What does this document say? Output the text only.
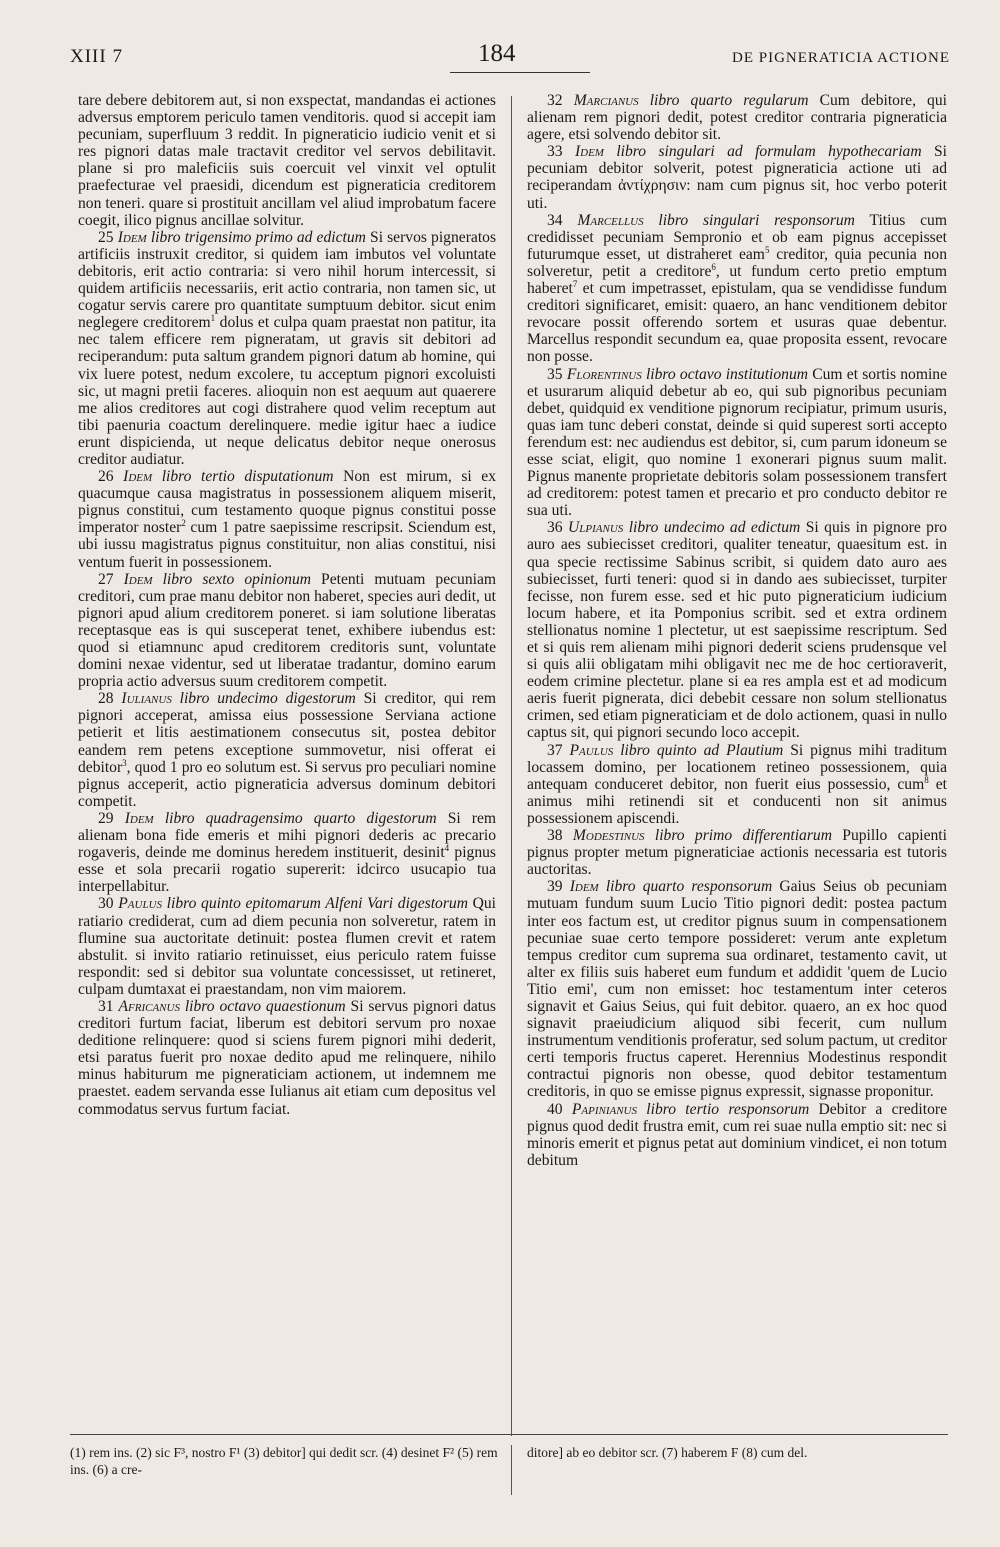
XIII 7	184	DE PIGNERATICIA ACTIONE

tare debere debitorem aut, si non exspectat, mandandas ei actiones adversus emptorem periculo tamen venditoris. quod si accepit iam pecuniam, superfluum 3 reddit. In pigneraticio iudicio venit et si res pignori datas male tractavit creditor vel servos debilitavit. plane si pro maleficiis suis coercuit vel vinxit vel optulit praefecturae vel praesidi, dicendum est pigneraticia creditorem non teneri. quare si prostituit ancillam vel aliud improbatum facere coegit, ilico pignus ancillae solvitur.

25 Idem libro trigensimo primo ad edictum Si servos pigneratos artificiis instruxit creditor, si quidem iam imbutos vel voluntate debitoris, erit actio contraria: si vero nihil horum intercessit, si quidem artificiis necessariis, erit actio contraria, non tamen sic, ut cogatur servis carere pro quantitate sumptuum debitor. sicut enim neglegere creditorem$^1$ dolus et culpa quam praestat non patitur, ita nec talem efficere rem pigneratam, ut gravis sit debitori ad reciperandum: puta saltum grandem pignori datum ab homine, qui vix luere potest, nedum excolere, tu acceptum pignori excoluisti sic, ut magni pretii faceres. alioquin non est aequum aut quaerere me alios creditores aut cogi distrahere quod velim receptum aut tibi paenuria coactum derelinquere. medie igitur haec a iudice erunt dispicienda, ut neque delicatus debitor neque onerosus creditor audiatur.

26 Idem libro tertio disputationum Non est mirum, si ex quacumque causa magistratus in possessionem aliquem miserit, pignus constitui, cum testamento quoque pignus constitui posse imperator noster$^2$ cum 1 patre saepissime rescripsit. Sciendum est, ubi iussu magistratus pignus constituitur, non alias constitui, nisi ventum fuerit in possessionem.

27 Idem libro sexto opinionum Petenti mutuam pecuniam creditori, cum prae manu debitor non haberet, species auri dedit, ut pignori apud alium creditorem poneret. si iam solutione liberatas receptasque eas is qui susceperat tenet, exhibere iubendus est: quod si etiamnunc apud creditorem creditoris sunt, voluntate domini nexae videntur, sed ut liberatae tradantur, domino earum propria actio adversus suum creditorem competit.

28 Iulianus libro undecimo digestorum Si creditor, qui rem pignori acceperat, amissa eius possessione Serviana actione petierit et litis aestimationem consecutus sit, postea debitor eandem rem petens exceptione summovetur, nisi offerat ei debitor$^3$, quod 1 pro eo solutum est. Si servus pro peculiari nomine pignus acceperit, actio pigneraticia adversus dominum debitori competit.

29 Idem libro quadragensimo quarto digestorum Si rem alienam bona fide emeris et mihi pignori dederis ac precario rogaveris, deinde me dominus heredem instituerit, desinit$^4$ pignus esse et sola precarii rogatio supererit: idcirco usucapio tua interpellabitur.

30 Paulus libro quinto epitomarum Alfeni Vari digestorum Qui ratiario crediderat, cum ad diem pecunia non solveretur, ratem in flumine sua auctoritate detinuit: postea flumen crevit et ratem abstulit. si invito ratiario retinuisset, eius periculo ratem fuisse respondit: sed si debitor sua voluntate concessisset, ut retineret, culpam dumtaxat ei praestandam, non vim maiorem.

31 Africanus libro octavo quaestionum Si servus pignori datus creditori furtum faciat, liberum est debitori servum pro noxae deditione relinquere: quod si sciens furem pignori mihi dederit, etsi paratus fuerit pro noxae dedito apud me relinquere, nihilo minus habiturum me pigneraticiam actionem, ut indemnem me praestet. eadem servanda esse Iulianus ait etiam cum depositus vel commodatus servus furtum faciat.

32 Marcianus libro quarto regularum Cum debitore, qui alienam rem pignori dedit, potest creditor contraria pigneraticia agere, etsi solvendo debitor sit.

33 Idem libro singulari ad formulam hypothecariam Si pecuniam debitor solverit, potest pigneraticia actione uti ad reciperandam ἀντίχρησιν: nam cum pignus sit, hoc verbo poterit uti.

34 Marcellus libro singulari responsorum Titius cum credidisset pecuniam Sempronio et ob eam pignus accepisset futurumque esset, ut distraheret eam$^5$ creditor, quia pecunia non solveretur, petit a creditore$^6$, ut fundum certo pretio emptum haberet$^7$ et cum impetrasset, epistulam, qua se vendidisse fundum creditori significaret, emisit: quaero, an hanc venditionem debitor revocare possit offerendo sortem et usuras quae debentur. Marcellus respondit secundum ea, quae proposita essent, revocare non posse.

35 Florentinus libro octavo institutionum Cum et sortis nomine et usurarum aliquid debetur ab eo, qui sub pignoribus pecuniam debet, quidquid ex venditione pignorum recipiatur, primum usuris, quas iam tunc deberi constat, deinde si quid superest sorti accepto ferendum est: nec audiendus est debitor, si, cum parum idoneum se esse sciat, eligit, quo nomine 1 exonerari pignus suum malit. Pignus manente proprietate debitoris solam possessionem transfert ad creditorem: potest tamen et precario et pro conducto debitor re sua uti.

36 Ulpianus libro undecimo ad edictum Si quis in pignore pro auro aes subiecisset creditori, qualiter teneatur, quaesitum est. in qua specie rectissime Sabinus scribit, si quidem dato auro aes subiecisset, furti teneri: quod si in dando aes subiecisset, turpiter fecisse, non furem esse. sed et hic puto pigneraticium iudicium locum habere, et ita Pomponius scribit. sed et extra ordinem stellionatus nomine 1 plectetur, ut est saepissime rescriptum. Sed et si quis rem alienam mihi pignori dederit sciens prudensque vel si quis alii obligatam mihi obligavit nec me de hoc certioraverit, eodem crimine plectetur. plane si ea res ampla est et ad modicum aeris fuerit pignerata, dici debebit cessare non solum stellionatus crimen, sed etiam pigneraticiam et de dolo actionem, quasi in nullo captus sit, qui pignori secundo loco accepit.

37 Paulus libro quinto ad Plautium Si pignus mihi traditum locassem domino, per locationem retineo possessionem, quia antequam conduceret debitor, non fuerit eius possessio, cum$^8$ et animus mihi retinendi sit et conducenti non sit animus possessionem apiscendi.

38 Modestinus libro primo differentiarum Pupillo capienti pignus propter metum pigneraticiae actionis necessaria est tutoris auctoritas.

39 Idem libro quarto responsorum Gaius Seius ob pecuniam mutuam fundum suum Lucio Titio pignori dedit: postea pactum inter eos factum est, ut creditor pignus suum in compensationem pecuniae suae certo tempore possideret: verum ante expletum tempus creditor cum suprema sua ordinaret, testamento cavit, ut alter ex filiis suis haberet eum fundum et addidit 'quem de Lucio Titio emi', cum non emisset: hoc testamentum inter ceteros signavit et Gaius Seius, qui fuit debitor. quaero, an ex hoc quod signavit praeiudicium aliquod sibi fecerit, cum nullum instrumentum venditionis proferatur, sed solum pactum, ut creditor certi temporis fructus caperet. Herennius Modestinus respondit contractui pignoris non obesse, quod debitor testamentum creditoris, in quo se emisse pignus expressit, signasse proponitur.

40 Papinianus libro tertio responsorum Debitor a creditore pignus quod dedit frustra emit, cum rei suae nulla emptio sit: nec si minoris emerit et pignus petat aut dominium vindicet, ei non totum debitum

(1) rem ins. (2) sic F³, nostro F¹ (3) debitor] qui dedit scr. (4) desinet F² (5) rem ins. (6) a cre-
ditore] ab eo debitor scr. (7) haberem F (8) cum del.
